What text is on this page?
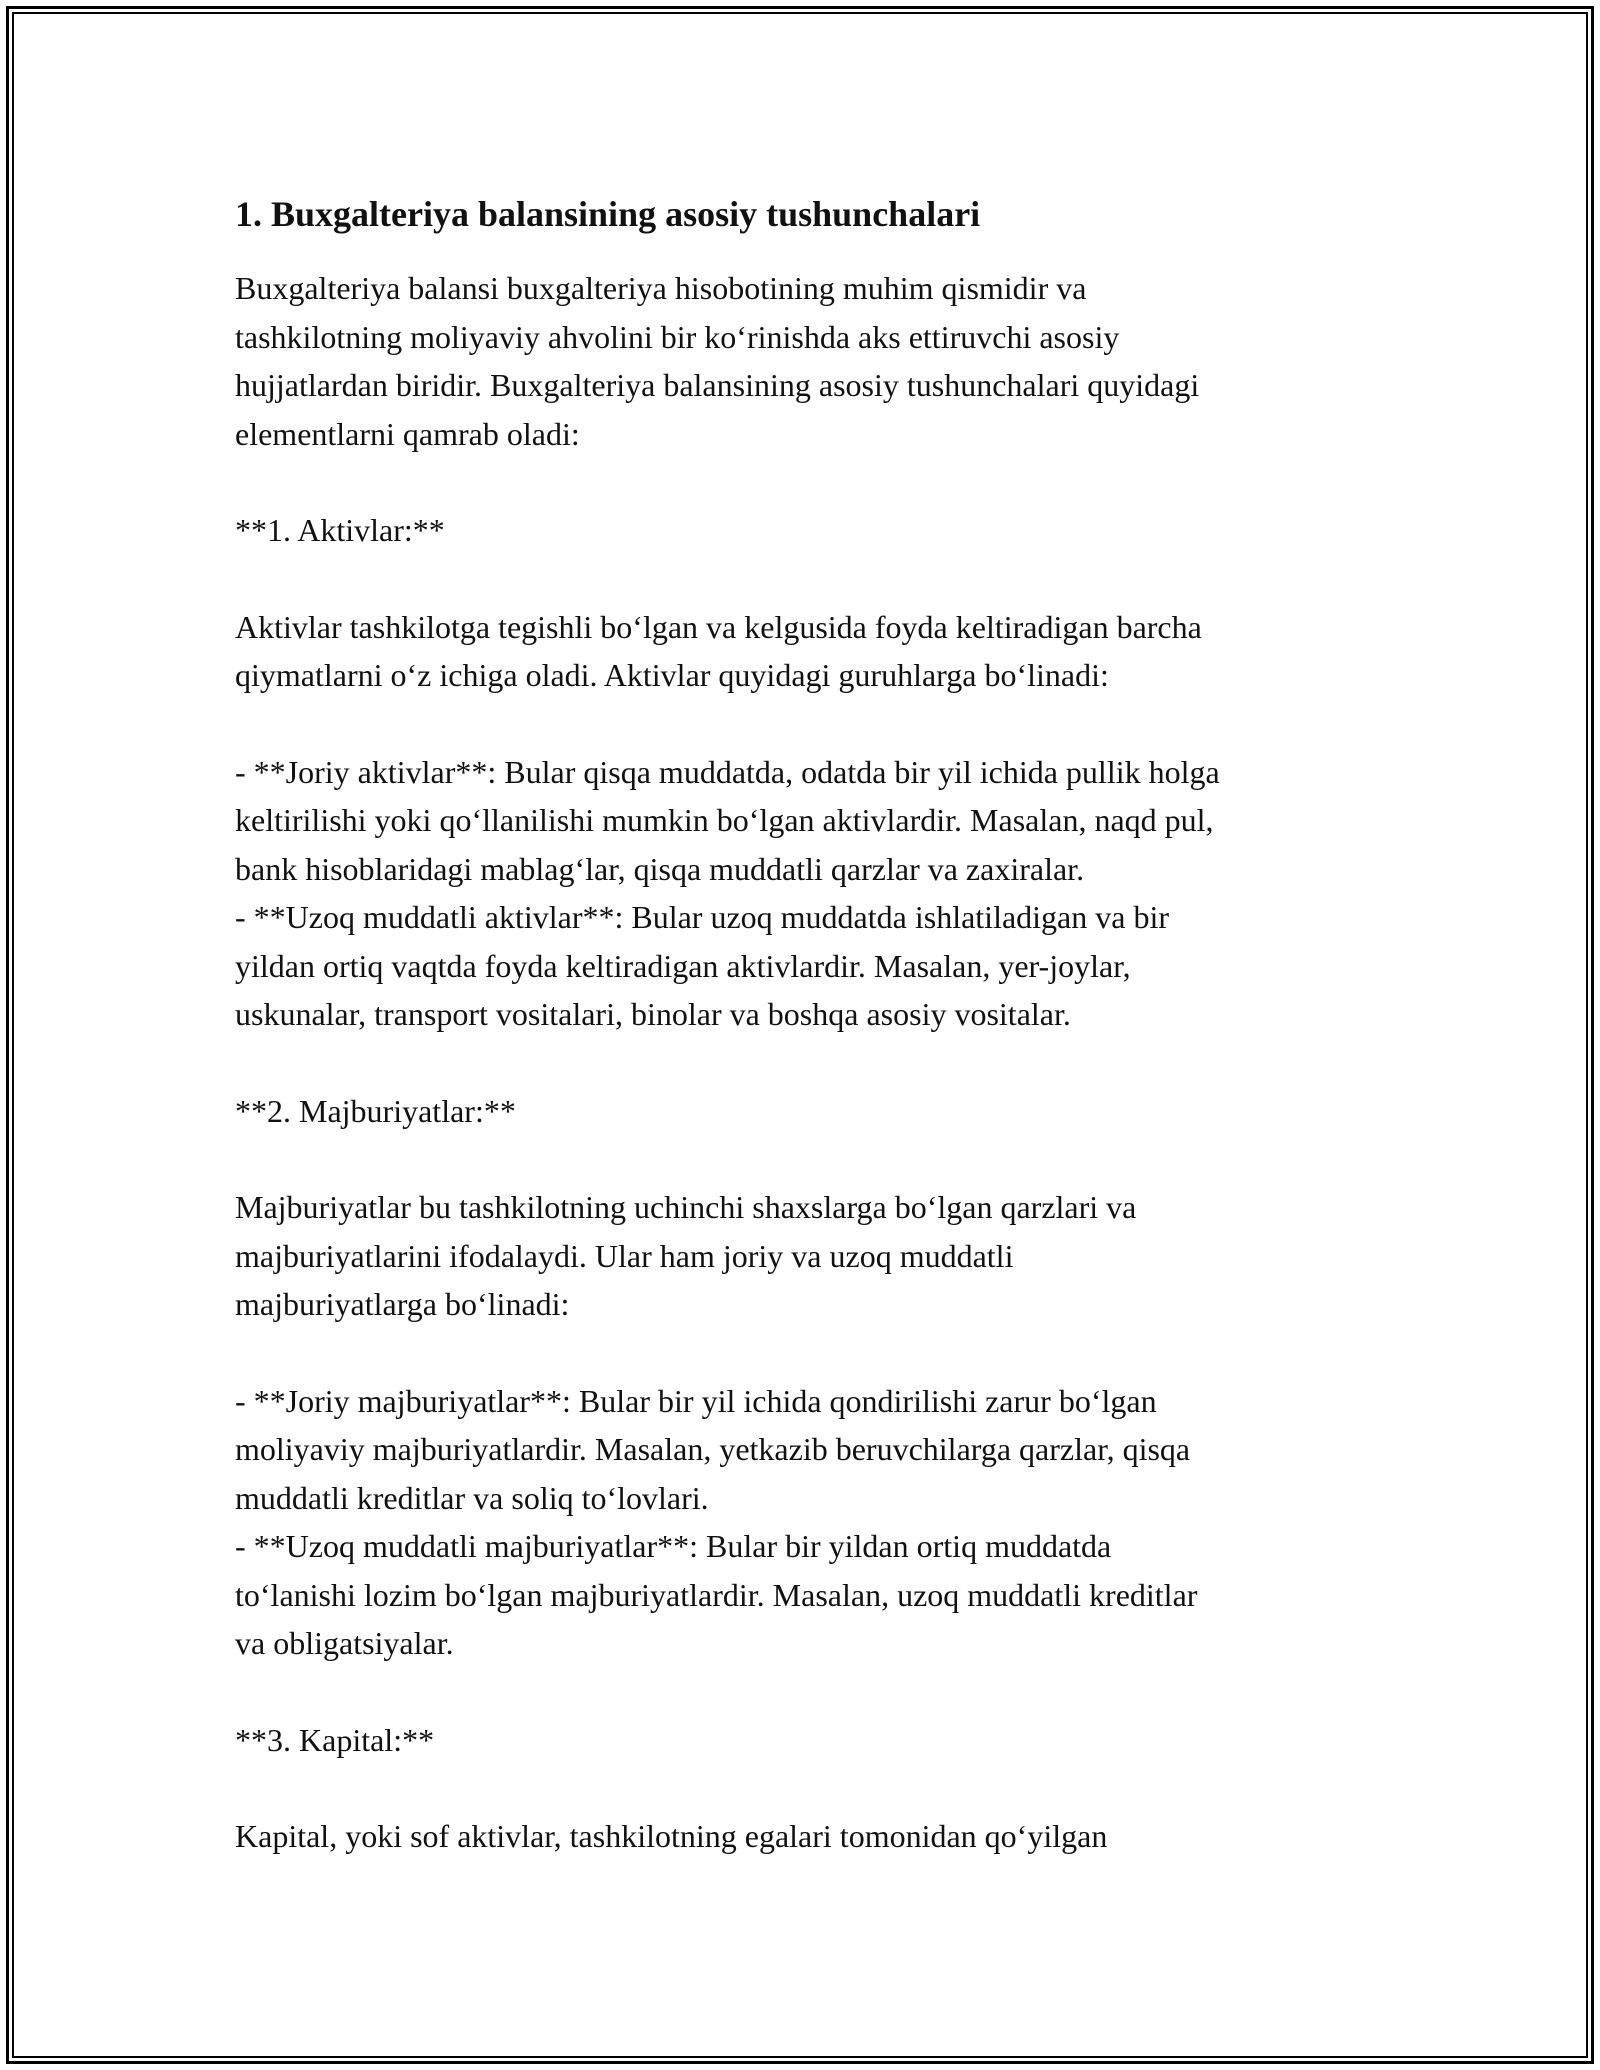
1. Buxgalteriya balansining asosiy tushunchalari

Buxgalteriya balansi buxgalteriya hisobotining muhim qismidir va
tashkilotning moliyaviy ahvolini bir ko‘rinishda aks ettiruvchi asosiy
hujjatlardan biridir. Buxgalteriya balansining asosiy tushunchalari quyidagi
elementlarni qamrab oladi:

**1. Aktivlar:**

Aktivlar tashkilotga tegishli bo‘lgan va kelgusida foyda keltiradigan barcha
qiymatlarni o‘z ichiga oladi. Aktivlar quyidagi guruhlarga bo‘linadi:

- **Joriy aktivlar**: Bular qisqa muddatda, odatda bir yil ichida pullik holga
keltirilishi yoki qo‘llanilishi mumkin bo‘lgan aktivlardir. Masalan, naqd pul,
bank hisoblaridagi mablag‘lar, qisqa muddatli qarzlar va zaxiralar.
- **Uzoq muddatli aktivlar**: Bular uzoq muddatda ishlatiladigan va bir
yildan ortiq vaqtda foyda keltiradigan aktivlardir. Masalan, yer-joylar,
uskunalar, transport vositalari, binolar va boshqa asosiy vositalar.

**2. Majburiyatlar:**

Majburiyatlar bu tashkilotning uchinchi shaxslarga bo‘lgan qarzlari va
majburiyatlarini ifodalaydi. Ular ham joriy va uzoq muddatli
majburiyatlarga bo‘linadi:

- **Joriy majburiyatlar**: Bular bir yil ichida qondirilishi zarur bo‘lgan
moliyaviy majburiyatlardir. Masalan, yetkazib beruvchilarga qarzlar, qisqa
muddatli kreditlar va soliq to‘lovlari.
- **Uzoq muddatli majburiyatlar**: Bular bir yildan ortiq muddatda
to‘lanishi lozim bo‘lgan majburiyatlardir. Masalan, uzoq muddatli kreditlar
va obligatsiyalar.

**3. Kapital:**

Kapital, yoki sof aktivlar, tashkilotning egalari tomonidan qo‘yilgan
